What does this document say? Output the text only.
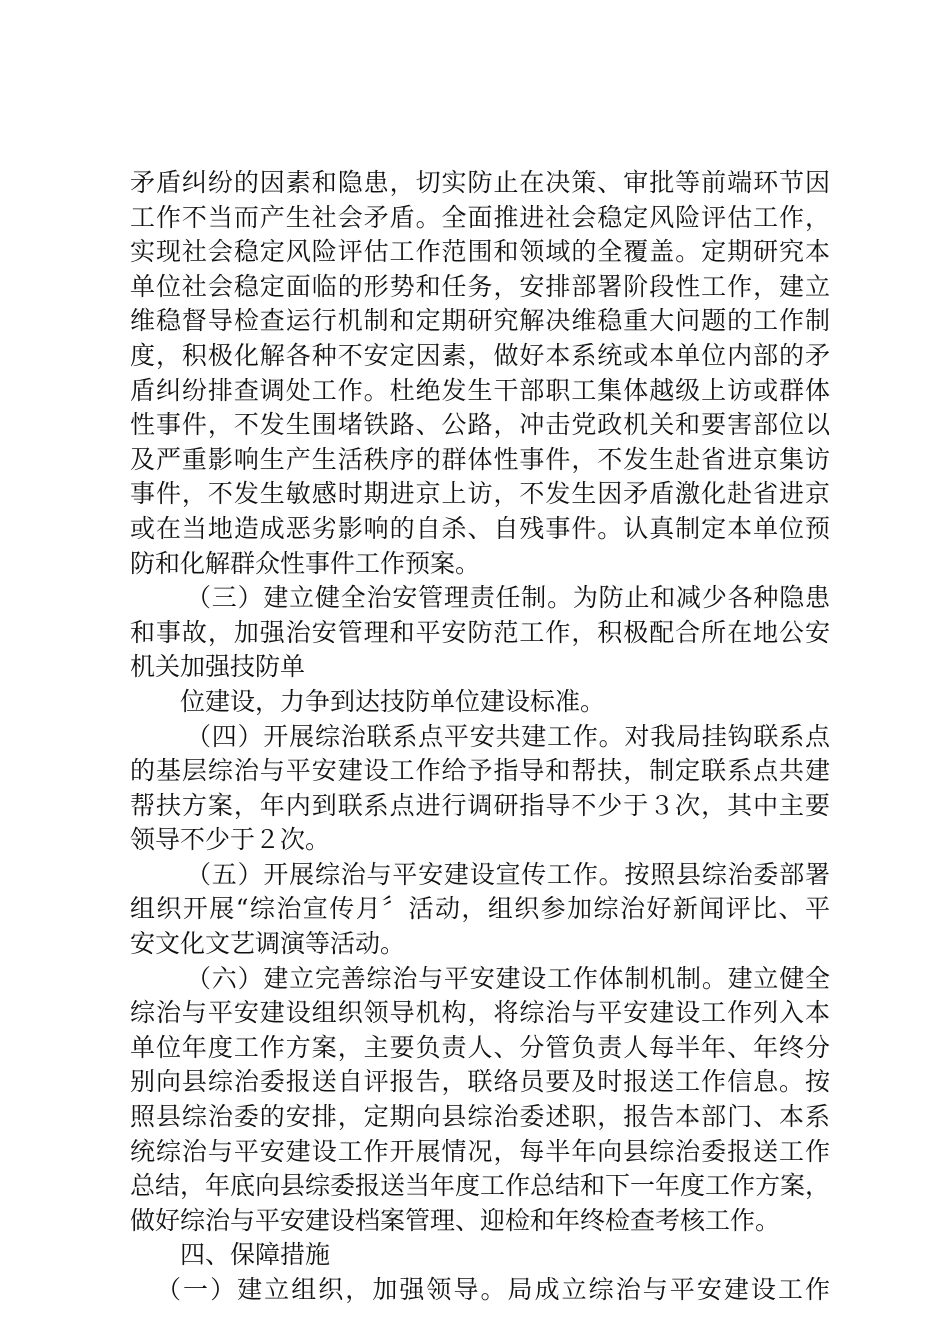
矛盾纠纷的因素和隐患，切实防止在决策、审批等前端环节因

工作不当而产生社会矛盾。全面推进社会稳定风险评估工作，

实现社会稳定风险评估工作范围和领域的全覆盖。定期研究本

单位社会稳定面临的形势和任务，安排部署阶段性工作，建立

维稳督导检查运行机制和定期研究解决维稳重大问题的工作制

度，积极化解各种不安定因素，做好本系统或本单位内部的矛

盾纠纷排查调处工作。杜绝发生干部职工集体越级上访或群体

性事件，不发生围堵铁路、公路，冲击党政机关和要害部位以

及严重影响生产生活秩序的群体性事件，不发生赴省进京集访

事件，不发生敏感时期进京上访，不发生因矛盾激化赴省进京

或在当地造成恶劣影响的自杀、自残事件。认真制定本单位预

防和化解群众性事件工作预案。

（三）建立健全治安管理责任制。为防止和减少各种隐患

和事故，加强治安管理和平安防范工作，积极配合所在地公安

机关加强技防单

位建设，力争到达技防单位建设标准。

（四）开展综治联系点平安共建工作。对我局挂钩联系点

的基层综治与平安建设工作给予指导和帮扶，制定联系点共建

帮扶方案，年内到联系点进行调研指导不少于３次，其中主要

领导不少于２次。

（五）开展综治与平安建设宣传工作。按照县综治委部署

组织开展“综治宣传月〞活动，组织参加综治好新闻评比、平

安文化文艺调演等活动。

（六）建立完善综治与平安建设工作体制机制。建立健全

综治与平安建设组织领导机构，将综治与平安建设工作列入本

单位年度工作方案，主要负责人、分管负责人每半年、年终分

别向县综治委报送自评报告，联络员要及时报送工作信息。按

照县综治委的安排，定期向县综治委述职，报告本部门、本系

统综治与平安建设工作开展情况，每半年向县综治委报送工作

总结，年底向县综委报送当年度工作总结和下一年度工作方案，

做好综治与平安建设档案管理、迎检和年终检查考核工作。

四、保障措施

（一）建立组织，加强领导。局成立综治与平安建设工作
